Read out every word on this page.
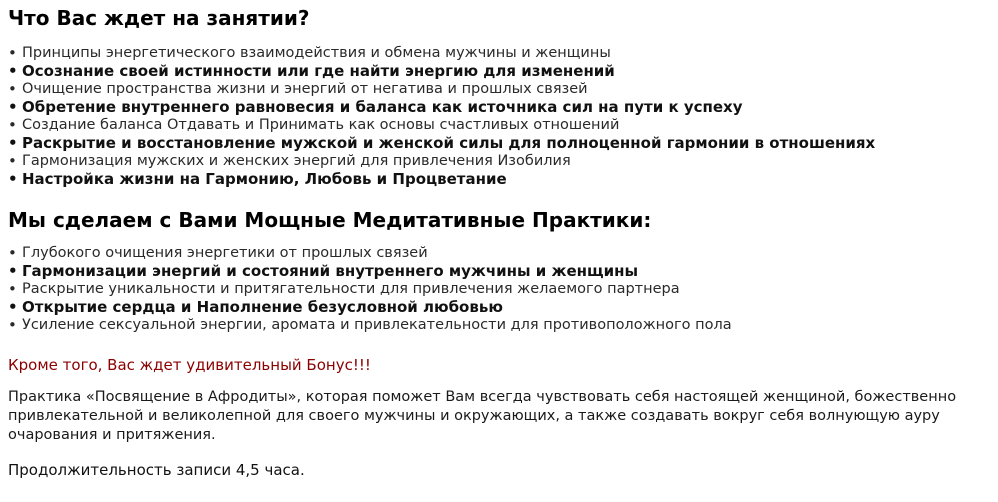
Что Вас ждет на занятии?
• Принципы энергетического взаимодействия и обмена мужчины и женщины
• Осознание своей истинности или где найти энергию для изменений
• Очищение пространства жизни и энергий от негатива и прошлых связей
• Обретение внутреннего равновесия и баланса как источника сил на пути к успеху
• Создание баланса Отдавать и Принимать как основы счастливых отношений
• Раскрытие и восстановление мужской и женской силы для полноценной гармонии в отношениях
• Гармонизация мужских и женских энергий для привлечения Изобилия
• Настройка жизни на Гармонию, Любовь и Процветание
Мы сделаем с Вами Мощные Медитативные Практики:
• Глубокого очищения энергетики от прошлых связей
• Гармонизации энергий и состояний внутреннего мужчины и женщины
• Раскрытие уникальности и притягательности для привлечения желаемого партнера
• Открытие сердца и Наполнение безусловной любовью
• Усиление сексуальной энергии, аромата и привлекательности для противоположного пола
Кроме того, Вас ждет удивительный Бонус!!!
Практика «Посвящение в Афродиты», которая поможет Вам всегда чувствовать себя настоящей женщиной, божественно привлекательной и великолепной для своего мужчины и окружающих, а также создавать вокруг себя волнующую ауру очарования и притяжения.
Продолжительность записи 4,5 часа.
